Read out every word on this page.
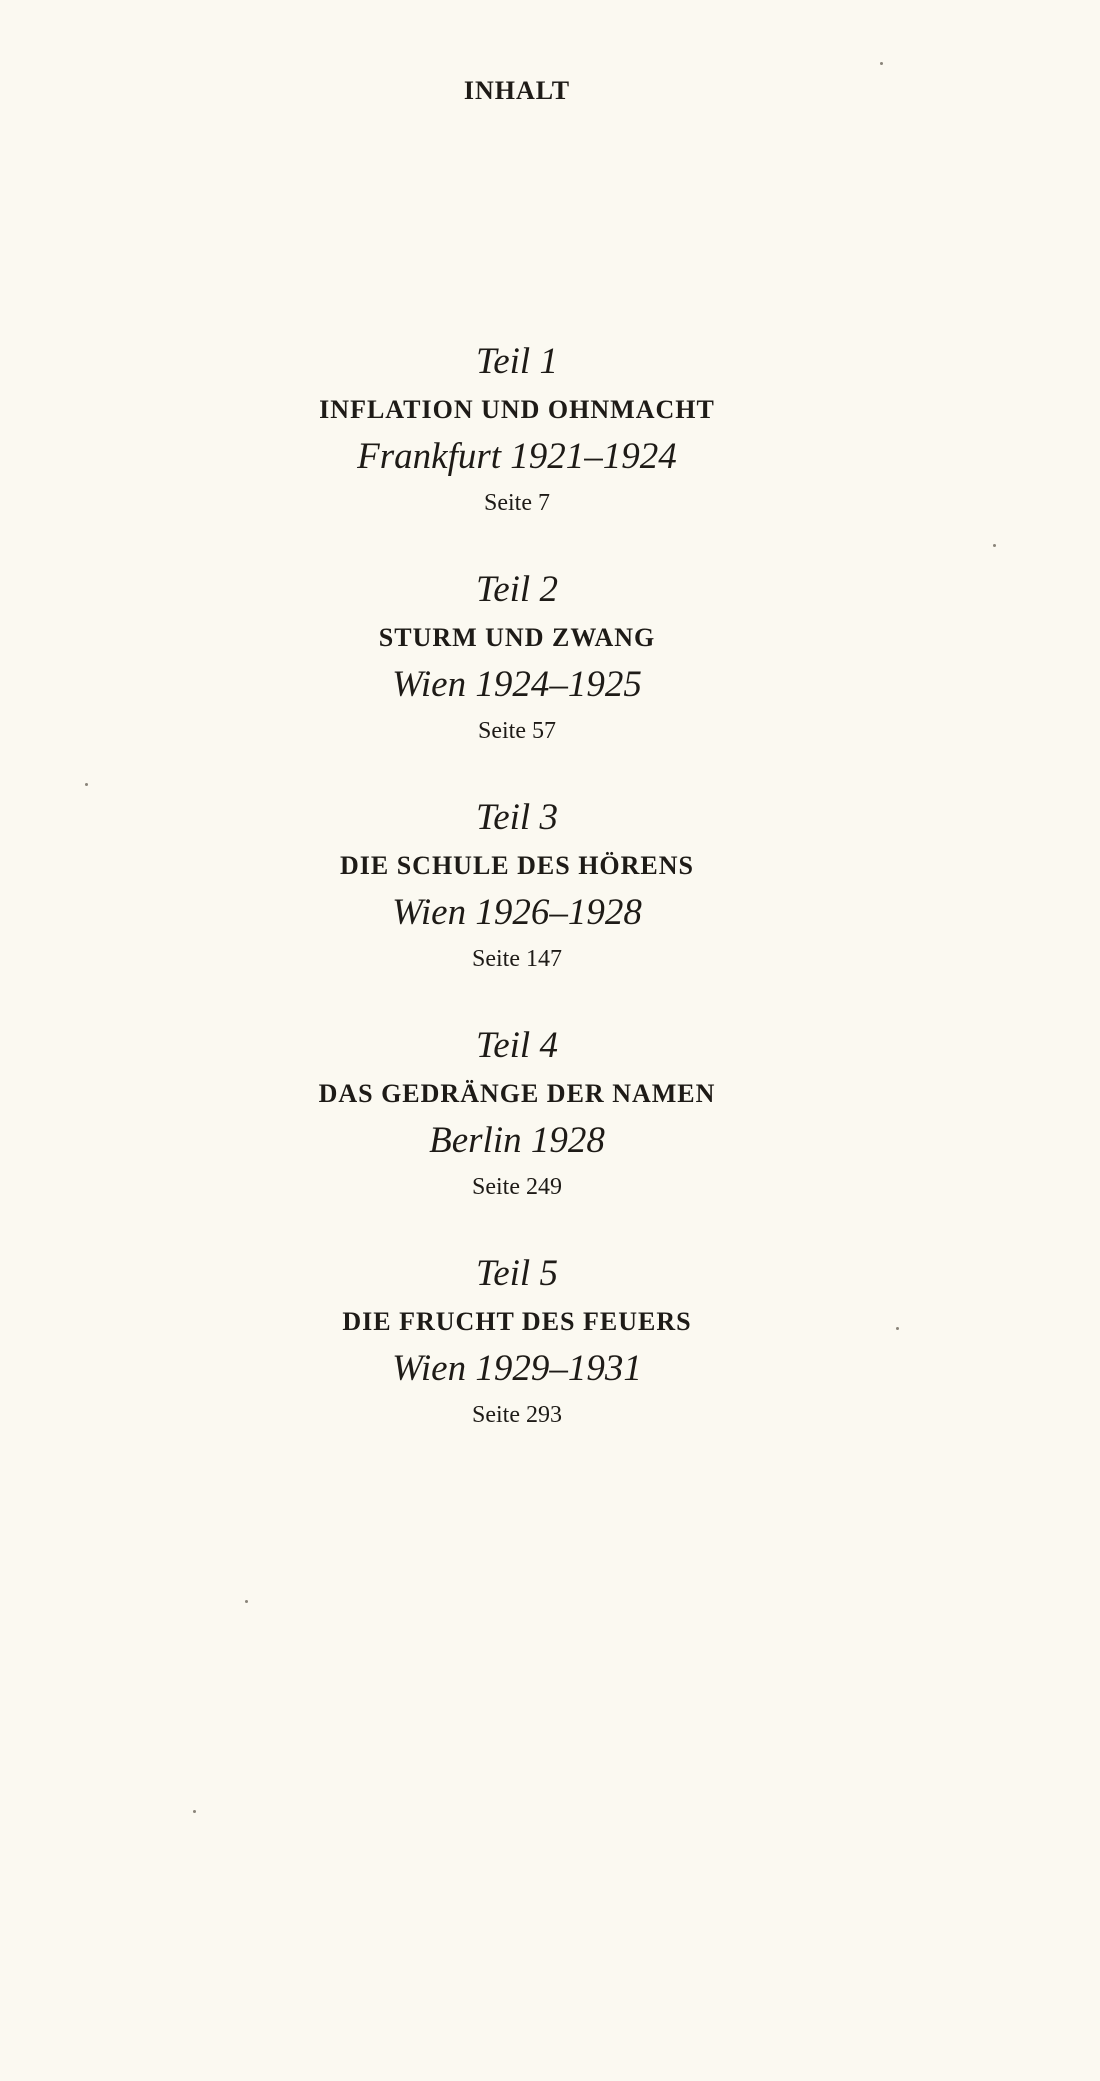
INHALT
Teil 1
INFLATION UND OHNMACHT
Frankfurt 1921–1924
Seite 7
Teil 2
STURM UND ZWANG
Wien 1924–1925
Seite 57
Teil 3
DIE SCHULE DES HÖRENS
Wien 1926–1928
Seite 147
Teil 4
DAS GEDRÄNGE DER NAMEN
Berlin 1928
Seite 249
Teil 5
DIE FRUCHT DES FEUERS
Wien 1929–1931
Seite 293
